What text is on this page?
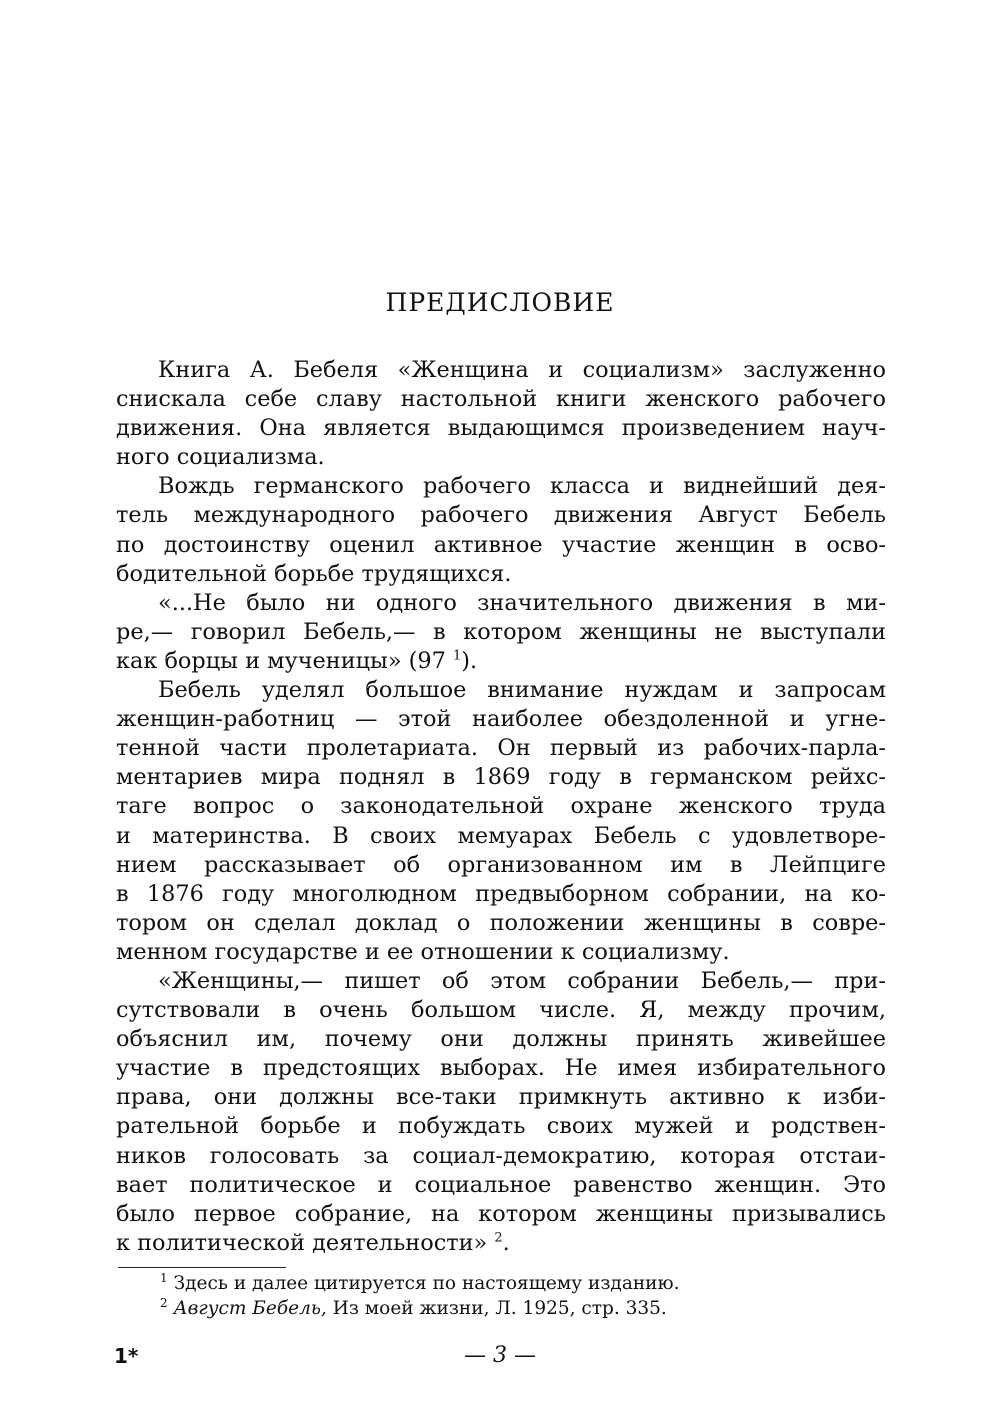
ПРЕДИСЛОВИЕ
Книга А. Бебеля «Женщина и социализм» заслуженно
снискала себе славу настольной книги женского рабочего
движения. Она является выдающимся произведением науч-
ного социализма.
Вождь германского рабочего класса и виднейший дея-
тель международного рабочего движения Август Бебель
по достоинству оценил активное участие женщин в осво-
бодительной борьбе трудящихся.
«...Не было ни одного значительного движения в ми-
ре,— говорил Бебель,— в котором женщины не выступали
как борцы и мученицы» (97 $^1$).
Бебель уделял большое внимание нуждам и запросам
женщин-работниц — этой наиболее обездоленной и угне-
тенной части пролетариата. Он первый из рабочих-парла-
ментариев мира поднял в 1869 году в германском рейхс-
таге вопрос о законодательной охране женского труда
и материнства. В своих мемуарах Бебель с удовлетворе-
нием рассказывает об организованном им в Лейпциге
в 1876 году многолюдном предвыборном собрании, на ко-
тором он сделал доклад о положении женщины в совре-
менном государстве и ее отношении к социализму.
«Женщины,— пишет об этом собрании Бебель,— при-
сутствовали в очень большом числе. Я, между прочим,
объяснил им, почему они должны принять живейшее
участие в предстоящих выборах. Не имея избирательного
права, они должны все-таки примкнуть активно к изби-
рательной борьбе и побуждать своих мужей и родствен-
ников голосовать за социал-демократию, которая отстаи-
вает политическое и социальное равенство женщин. Это
было первое собрание, на котором женщины призывались
к политической деятельности» $^2$.
$^1$ Здесь и далее цитируется по настоящему изданию.
$^2$ Август Бебель, Из моей жизни, Л. 1925, стр. 335.
1*	— 3 —
